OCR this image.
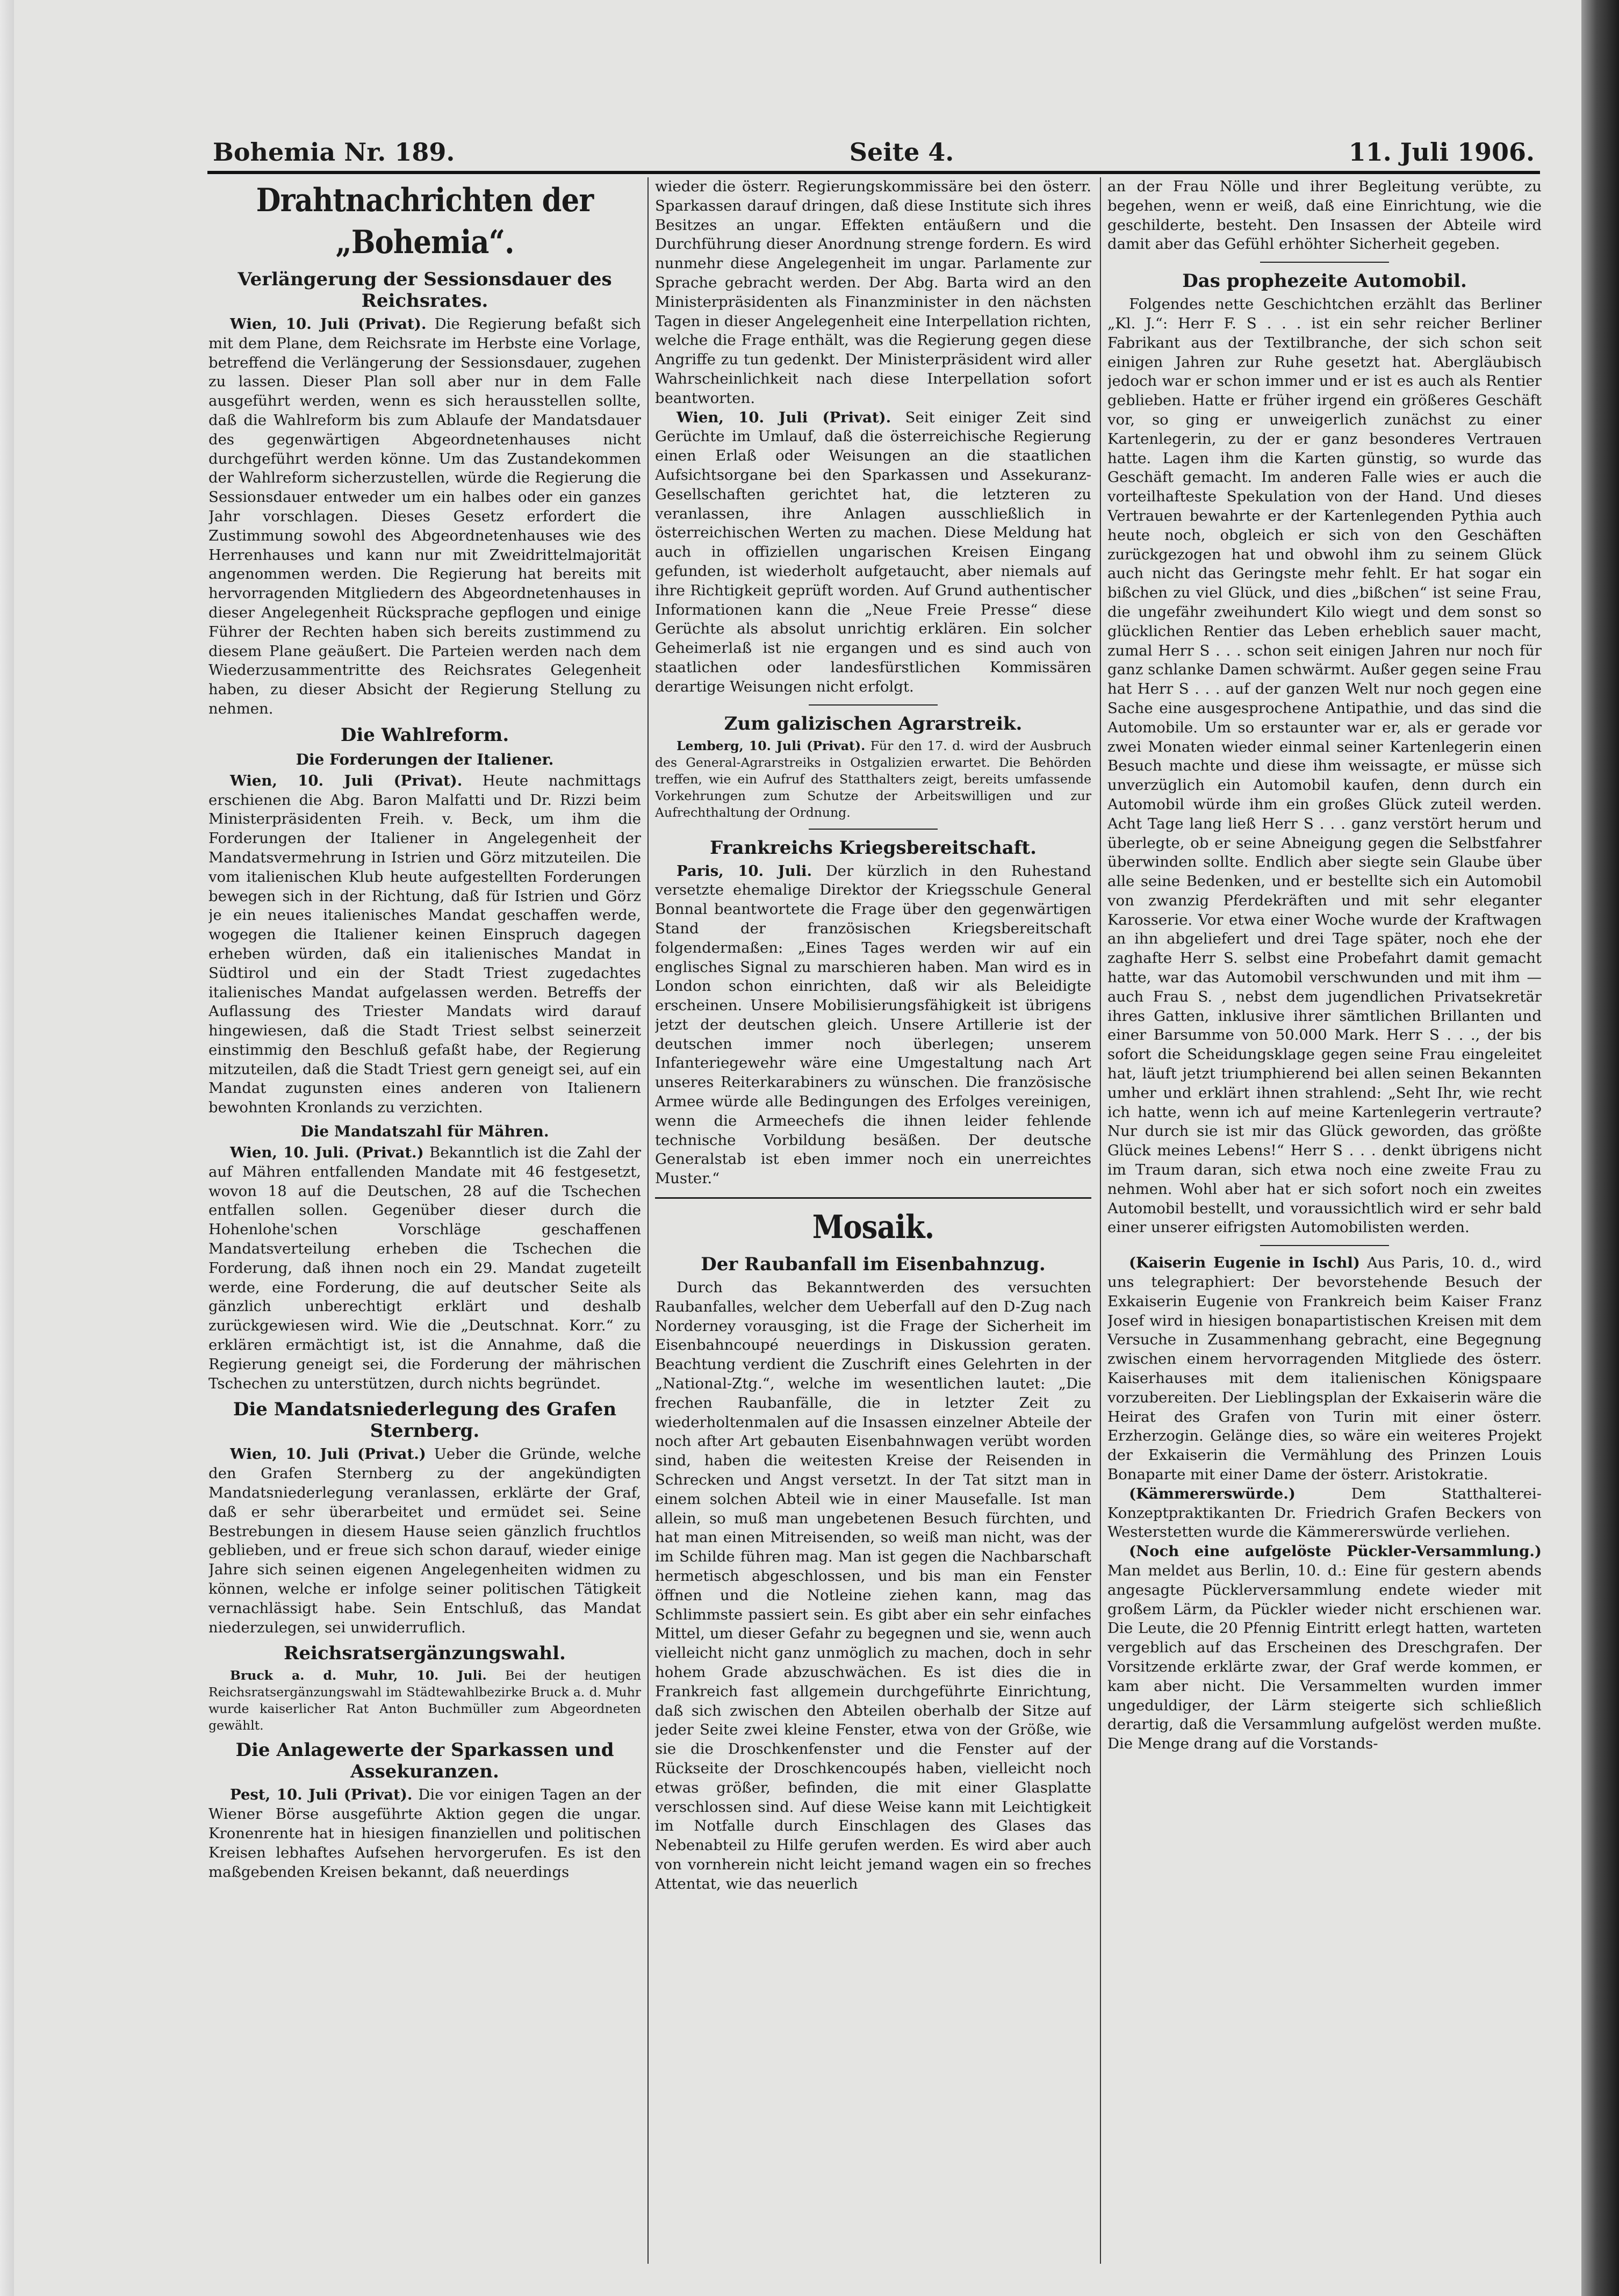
Bohemia Nr. 189.	Seite 4.	11. Juli 1906.
Drahtnachrichten der „Bohemia“.
Verlängerung der Sessionsdauer des Reichsrates.

Wien, 10. Juli (Privat). Die Regierung befaßt sich mit dem Plane, dem Reichsrate im Herbste eine Vorlage, betreffend die Verlängerung der Sessionsdauer, zugehen zu lassen. Dieser Plan soll aber nur in dem Falle ausgeführt werden, wenn es sich herausstellen sollte, daß die Wahlreform bis zum Ablaufe der Mandatsdauer des gegenwärtigen Abgeordnetenhauses nicht durchgeführt werden könne. Um das Zustandekommen der Wahlreform sicherzustellen, würde die Regierung die Sessionsdauer entweder um ein halbes oder ein ganzes Jahr vorschlagen. Dieses Gesetz erfordert die Zustimmung sowohl des Abgeordnetenhauses wie des Herrenhauses und kann nur mit Zweidrittelmajorität angenommen werden. Die Regierung hat bereits mit hervorragenden Mitgliedern des Abgeordnetenhauses in dieser Angelegenheit Rücksprache gepflogen und einige Führer der Rechten haben sich bereits zustimmend zu diesem Plane geäußert. Die Parteien werden nach dem Wiederzusammentritte des Reichsrates Gelegenheit haben, zu dieser Absicht der Regierung Stellung zu nehmen.

Die Wahlreform.
Die Forderungen der Italiener.

Wien, 10. Juli (Privat). Heute nachmittags erschienen die Abg. Baron Malfatti und Dr. Rizzi beim Ministerpräsidenten Freih. v. Beck, um ihm die Forderungen der Italiener in Angelegenheit der Mandatsvermehrung in Istrien und Görz mitzuteilen. Die vom italienischen Klub heute aufgestellten Forderungen bewegen sich in der Richtung, daß für Istrien und Görz je ein neues italienisches Mandat geschaffen werde, wogegen die Italiener keinen Einspruch dagegen erheben würden, daß ein italienisches Mandat in Südtirol und ein der Stadt Triest zugedachtes italienisches Mandat aufgelassen werden. Betreffs der Auflassung des Triester Mandats wird darauf hingewiesen, daß die Stadt Triest selbst seinerzeit einstimmig den Beschluß gefaßt habe, der Regierung mitzuteilen, daß die Stadt Triest gern geneigt sei, auf ein Mandat zugunsten eines anderen von Italienern bewohnten Kronlands zu verzichten.

Die Mandatszahl für Mähren.

Wien, 10. Juli. (Privat.) Bekanntlich ist die Zahl der auf Mähren entfallenden Mandate mit 46 festgesetzt, wovon 18 auf die Deutschen, 28 auf die Tschechen entfallen sollen. Gegenüber dieser durch die Hohenlohe'schen Vorschläge geschaffenen Mandatsverteilung erheben die Tschechen die Forderung, daß ihnen noch ein 29. Mandat zugeteilt werde, eine Forderung, die auf deutscher Seite als gänzlich unberechtigt erklärt und deshalb zurückgewiesen wird. Wie die „Deutschnat. Korr.“ zu erklären ermächtigt ist, ist die Annahme, daß die Regierung geneigt sei, die Forderung der mährischen Tschechen zu unterstützen, durch nichts begründet.

Die Mandatsniederlegung des Grafen Sternberg.

Wien, 10. Juli (Privat.) Ueber die Gründe, welche den Grafen Sternberg zu der angekündigten Mandatsniederlegung veranlassen, erklärte der Graf, daß er sehr überarbeitet und ermüdet sei. Seine Bestrebungen in diesem Hause seien gänzlich fruchtlos geblieben, und er freue sich schon darauf, wieder einige Jahre sich seinen eigenen Angelegenheiten widmen zu können, welche er infolge seiner politischen Tätigkeit vernachlässigt habe. Sein Entschluß, das Mandat niederzulegen, sei unwiderruflich.

Reichsratsergänzungswahl.

Bruck a. d. Muhr, 10. Juli. Bei der heutigen Reichsratsergänzungswahl im Städtewahlbezirke Bruck a. d. Muhr wurde kaiserlicher Rat Anton Buchmüller zum Abgeordneten gewählt.

Die Anlagewerte der Sparkassen und Assekuranzen.

Pest, 10. Juli (Privat). Die vor einigen Tagen an der Wiener Börse ausgeführte Aktion gegen die ungar. Kronenrente hat in hiesigen finanziellen und politischen Kreisen lebhaftes Aufsehen hervorgerufen. Es ist den maßgebenden Kreisen bekannt, daß neuerdings

wieder die österr. Regierungskommissäre bei den österr. Sparkassen darauf dringen, daß diese Institute sich ihres Besitzes an ungar. Effekten entäußern und die Durchführung dieser Anordnung strenge fordern. Es wird nunmehr diese Angelegenheit im ungar. Parlamente zur Sprache gebracht werden. Der Abg. Barta wird an den Ministerpräsidenten als Finanzminister in den nächsten Tagen in dieser Angelegenheit eine Interpellation richten, welche die Frage enthält, was die Regierung gegen diese Angriffe zu tun gedenkt. Der Ministerpräsident wird aller Wahrscheinlichkeit nach diese Interpellation sofort beantworten.

Wien, 10. Juli (Privat). Seit einiger Zeit sind Gerüchte im Umlauf, daß die österreichische Regierung einen Erlaß oder Weisungen an die staatlichen Aufsichtsorgane bei den Sparkassen und Assekuranz-Gesellschaften gerichtet hat, die letzteren zu veranlassen, ihre Anlagen ausschließlich in österreichischen Werten zu machen. Diese Meldung hat auch in offiziellen ungarischen Kreisen Eingang gefunden, ist wiederholt aufgetaucht, aber niemals auf ihre Richtigkeit geprüft worden. Auf Grund authentischer Informationen kann die „Neue Freie Presse“ diese Gerüchte als absolut unrichtig erklären. Ein solcher Geheimerlaß ist nie ergangen und es sind auch von staatlichen oder landesfürstlichen Kommissären derartige Weisungen nicht erfolgt.

Zum galizischen Agrarstreik.

Lemberg, 10. Juli (Privat). Für den 17. d. wird der Ausbruch des General-Agrarstreiks in Ostgalizien erwartet. Die Behörden treffen, wie ein Aufruf des Statthalters zeigt, bereits umfassende Vorkehrungen zum Schutze der Arbeitswilligen und zur Aufrechthaltung der Ordnung.

Frankreichs Kriegsbereitschaft.

Paris, 10. Juli. Der kürzlich in den Ruhestand versetzte ehemalige Direktor der Kriegsschule General Bonnal beantwortete die Frage über den gegenwärtigen Stand der französischen Kriegsbereitschaft folgendermaßen: „Eines Tages werden wir auf ein englisches Signal zu marschieren haben. Man wird es in London schon einrichten, daß wir als Beleidigte erscheinen. Unsere Mobilisierungsfähigkeit ist übrigens jetzt der deutschen gleich. Unsere Artillerie ist der deutschen immer noch überlegen; unserem Infanteriegewehr wäre eine Umgestaltung nach Art unseres Reiterkarabiners zu wünschen. Die französische Armee würde alle Bedingungen des Erfolges vereinigen, wenn die Armeechefs die ihnen leider fehlende technische Vorbildung besäßen. Der deutsche Generalstab ist eben immer noch ein unerreichtes Muster.“

Mosaik.
Der Raubanfall im Eisenbahnzug.

Durch das Bekanntwerden des versuchten Raubanfalles, welcher dem Ueberfall auf den D-Zug nach Norderney vorausging, ist die Frage der Sicherheit im Eisenbahncoupé neuerdings in Diskussion geraten. Beachtung verdient die Zuschrift eines Gelehrten in der „National-Ztg.“, welche im wesentlichen lautet: „Die frechen Raubanfälle, die in letzter Zeit zu wiederholtenmalen auf die Insassen einzelner Abteile der noch after Art gebauten Eisenbahnwagen verübt worden sind, haben die weitesten Kreise der Reisenden in Schrecken und Angst versetzt. In der Tat sitzt man in einem solchen Abteil wie in einer Mausefalle. Ist man allein, so muß man ungebetenen Besuch fürchten, und hat man einen Mitreisenden, so weiß man nicht, was der im Schilde führen mag. Man ist gegen die Nachbarschaft hermetisch abgeschlossen, und bis man ein Fenster öffnen und die Notleine ziehen kann, mag das Schlimmste passiert sein. Es gibt aber ein sehr einfaches Mittel, um dieser Gefahr zu begegnen und sie, wenn auch vielleicht nicht ganz unmöglich zu machen, doch in sehr hohem Grade abzuschwächen. Es ist dies die in Frankreich fast allgemein durchgeführte Einrichtung, daß sich zwischen den Abteilen oberhalb der Sitze auf jeder Seite zwei kleine Fenster, etwa von der Größe, wie sie die Droschkenfenster und die Fenster auf der Rückseite der Droschkencoupés haben, vielleicht noch etwas größer, befinden, die mit einer Glasplatte verschlossen sind. Auf diese Weise kann mit Leichtigkeit im Notfalle durch Einschlagen des Glases das Nebenabteil zu Hilfe gerufen werden. Es wird aber auch von vornherein nicht leicht jemand wagen ein so freches Attentat, wie das neuerlich

an der Frau Nölle und ihrer Begleitung verübte, zu begehen, wenn er weiß, daß eine Einrichtung, wie die geschilderte, besteht. Den Insassen der Abteile wird damit aber das Gefühl erhöhter Sicherheit gegeben.

Das prophezeite Automobil.

Folgendes nette Geschichtchen erzählt das Berliner „Kl. J.“: Herr F. S . . . ist ein sehr reicher Berliner Fabrikant aus der Textilbranche, der sich schon seit einigen Jahren zur Ruhe gesetzt hat. Abergläubisch jedoch war er schon immer und er ist es auch als Rentier geblieben. Hatte er früher irgend ein größeres Geschäft vor, so ging er unweigerlich zunächst zu einer Kartenlegerin, zu der er ganz besonderes Vertrauen hatte. Lagen ihm die Karten günstig, so wurde das Geschäft gemacht. Im anderen Falle wies er auch die vorteilhafteste Spekulation von der Hand. Und dieses Vertrauen bewahrte er der Kartenlegenden Pythia auch heute noch, obgleich er sich von den Geschäften zurückgezogen hat und obwohl ihm zu seinem Glück auch nicht das Geringste mehr fehlt. Er hat sogar ein bißchen zu viel Glück, und dies „bißchen“ ist seine Frau, die ungefähr zweihundert Kilo wiegt und dem sonst so glücklichen Rentier das Leben erheblich sauer macht, zumal Herr S . . . schon seit einigen Jahren nur noch für ganz schlanke Damen schwärmt. Außer gegen seine Frau hat Herr S . . . auf der ganzen Welt nur noch gegen eine Sache eine ausgesprochene Antipathie, und das sind die Automobile. Um so erstaunter war er, als er gerade vor zwei Monaten wieder einmal seiner Kartenlegerin einen Besuch machte und diese ihm weissagte, er müsse sich unverzüglich ein Automobil kaufen, denn durch ein Automobil würde ihm ein großes Glück zuteil werden. Acht Tage lang ließ Herr S . . . ganz verstört herum und überlegte, ob er seine Abneigung gegen die Selbstfahrer überwinden sollte. Endlich aber siegte sein Glaube über alle seine Bedenken, und er bestellte sich ein Automobil von zwanzig Pferdekräften und mit sehr eleganter Karosserie. Vor etwa einer Woche wurde der Kraftwagen an ihn abgeliefert und drei Tage später, noch ehe der zaghafte Herr S. selbst eine Probefahrt damit gemacht hatte, war das Automobil verschwunden und mit ihm — auch Frau S. , nebst dem jugendlichen Privatsekretär ihres Gatten, inklusive ihrer sämtlichen Brillanten und einer Barsumme von 50.000 Mark. Herr S . . ., der bis sofort die Scheidungsklage gegen seine Frau eingeleitet hat, läuft jetzt triumphierend bei allen seinen Bekannten umher und erklärt ihnen strahlend: „Seht Ihr, wie recht ich hatte, wenn ich auf meine Kartenlegerin vertraute? Nur durch sie ist mir das Glück geworden, das größte Glück meines Lebens!“ Herr S . . . denkt übrigens nicht im Traum daran, sich etwa noch eine zweite Frau zu nehmen. Wohl aber hat er sich sofort noch ein zweites Automobil bestellt, und voraussichtlich wird er sehr bald einer unserer eifrigsten Automobilisten werden.

(Kaiserin Eugenie in Ischl) Aus Paris, 10. d., wird uns telegraphiert: Der bevorstehende Besuch der Exkaiserin Eugenie von Frankreich beim Kaiser Franz Josef wird in hiesigen bonapartistischen Kreisen mit dem Versuche in Zusammenhang gebracht, eine Begegnung zwischen einem hervorragenden Mitgliede des österr. Kaiserhauses mit dem italienischen Königspaare vorzubereiten. Der Lieblingsplan der Exkaiserin wäre die Heirat des Grafen von Turin mit einer österr. Erzherzogin. Gelänge dies, so wäre ein weiteres Projekt der Exkaiserin die Vermählung des Prinzen Louis Bonaparte mit einer Dame der österr. Aristokratie.

(Kämmererswürde.)	Dem Statthalterei-Konzeptpraktikanten Dr. Friedrich Grafen Beckers von Westerstetten wurde die Kämmererswürde verliehen.

(Noch eine aufgelöste Pückler-Versammlung.) Man meldet aus Berlin, 10. d.: Eine für gestern abends angesagte Pücklerversammlung endete wieder mit großem Lärm, da Pückler wieder nicht erschienen war. Die Leute, die 20 Pfennig Eintritt erlegt hatten, warteten vergeblich auf das Erscheinen des Dreschgrafen. Der Vorsitzende erklärte zwar, der Graf werde kommen, er kam aber nicht. Die Versammelten wurden immer ungeduldiger, der Lärm steigerte sich schließlich derartig, daß die Versammlung aufgelöst werden mußte. Die Menge drang auf die Vorstands-
